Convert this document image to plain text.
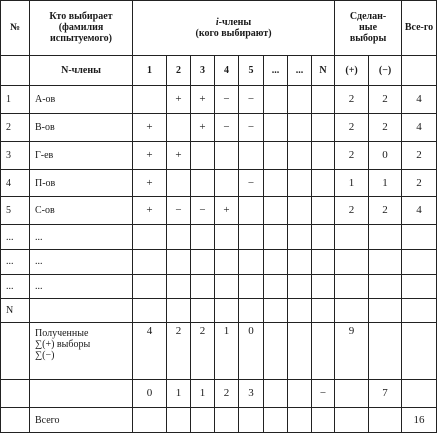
№	Кто выбирает (фамилия испытуемого)	i-члены
(кого выбирают)								Сделан-ные выборы		Все-го
	N-члены	1	2	3	4	5	...	...	N	(+)	(−)	
1	А-ов		+	+	−	−				2	2	4
2	В-ов	+		+	−	−				2	2	4
3	Г-ев	+	+							2	0	2
4	П-ов	+				−				1	1	2
5	С-ов	+	−	−	+					2	2	4
...	...											
...	...											
...	...											
N												
	Полученные
∑(+) выборы
∑(−)	4	2	2	1	0				9		
		0	1	1	2	3			−		7	
	Всего											16
